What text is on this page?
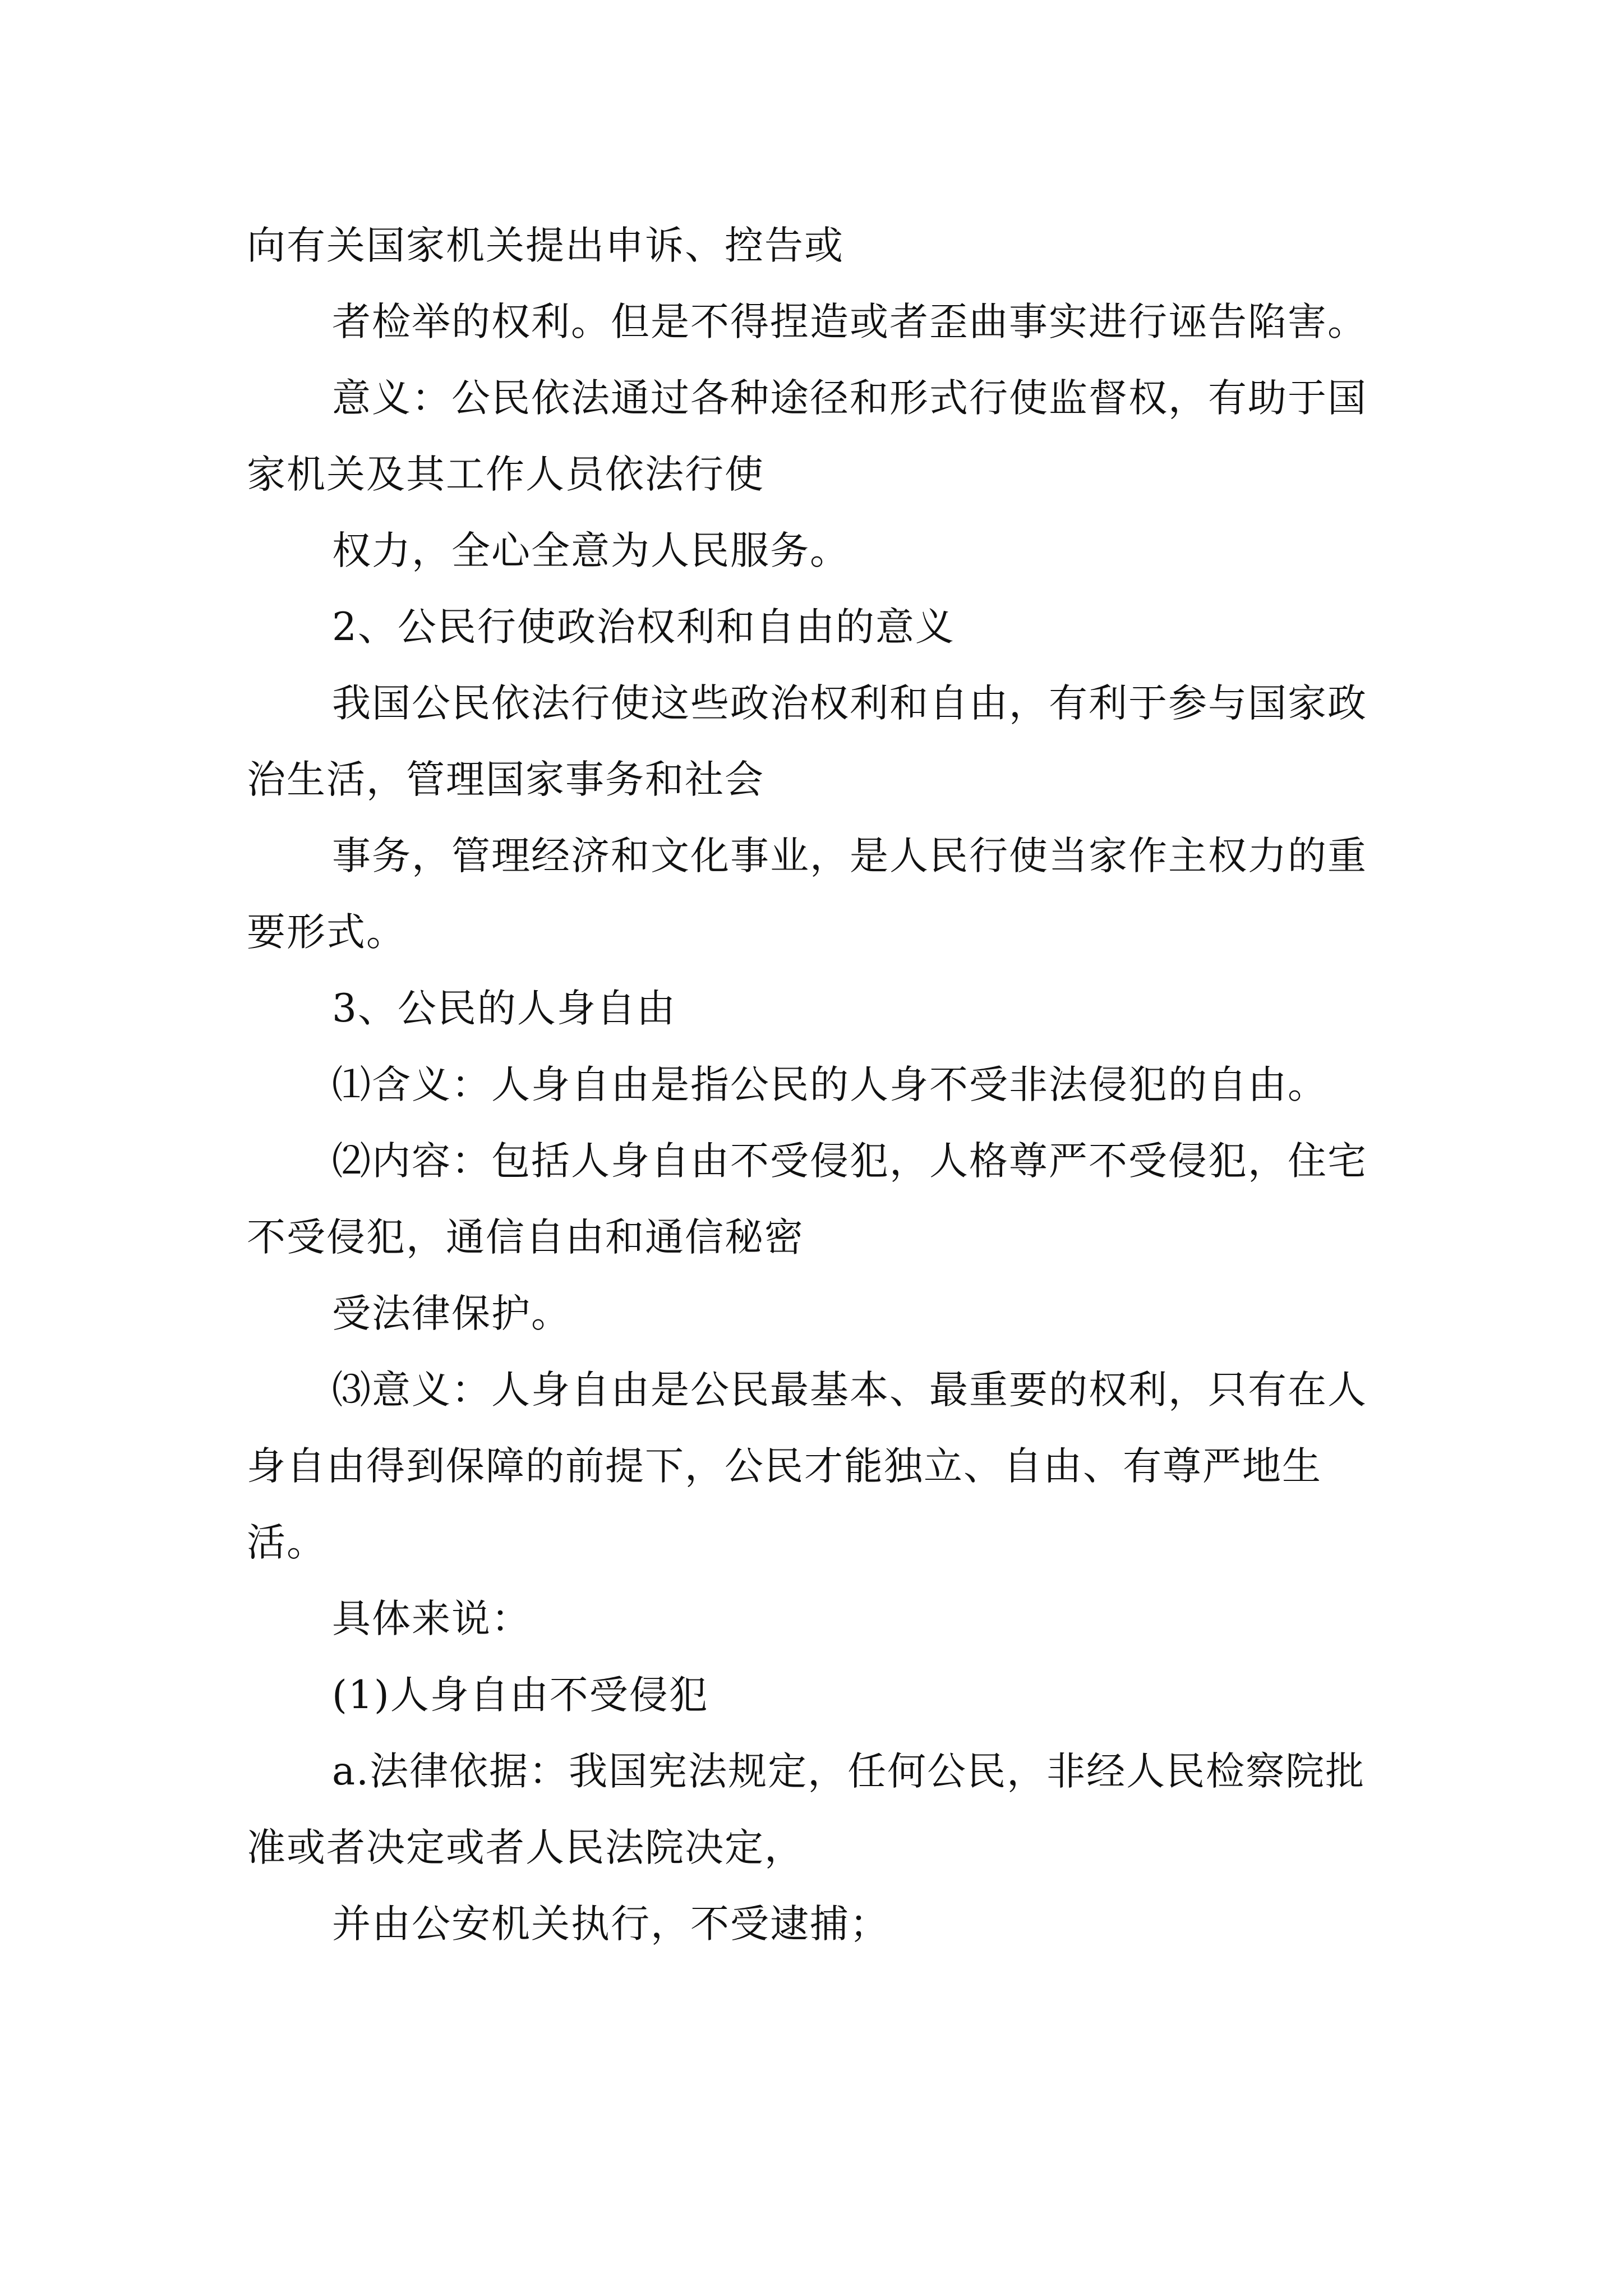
向有关国家机关提出申诉、控告或

者检举的权利。但是不得捏造或者歪曲事实进行诬告陷害。

意义：公民依法通过各种途径和形式行使监督权，有助于国家机关及其工作人员依法行使

权力，全心全意为人民服务。

2、公民行使政治权利和自由的意义

我国公民依法行使这些政治权利和自由，有利于参与国家政治生活，管理国家事务和社会

事务，管理经济和文化事业，是人民行使当家作主权力的重要形式。

3、公民的人身自由

⑴含义：人身自由是指公民的人身不受非法侵犯的自由。

⑵内容：包括人身自由不受侵犯，人格尊严不受侵犯，住宅不受侵犯，通信自由和通信秘密

受法律保护。

⑶意义：人身自由是公民最基本、最重要的权利，只有在人身自由得到保障的前提下，公民才能独立、自由、有尊严地生活。

具体来说：

(1)人身自由不受侵犯

a.法律依据：我国宪法规定，任何公民，非经人民检察院批准或者决定或者人民法院决定，

并由公安机关执行，不受逮捕；
